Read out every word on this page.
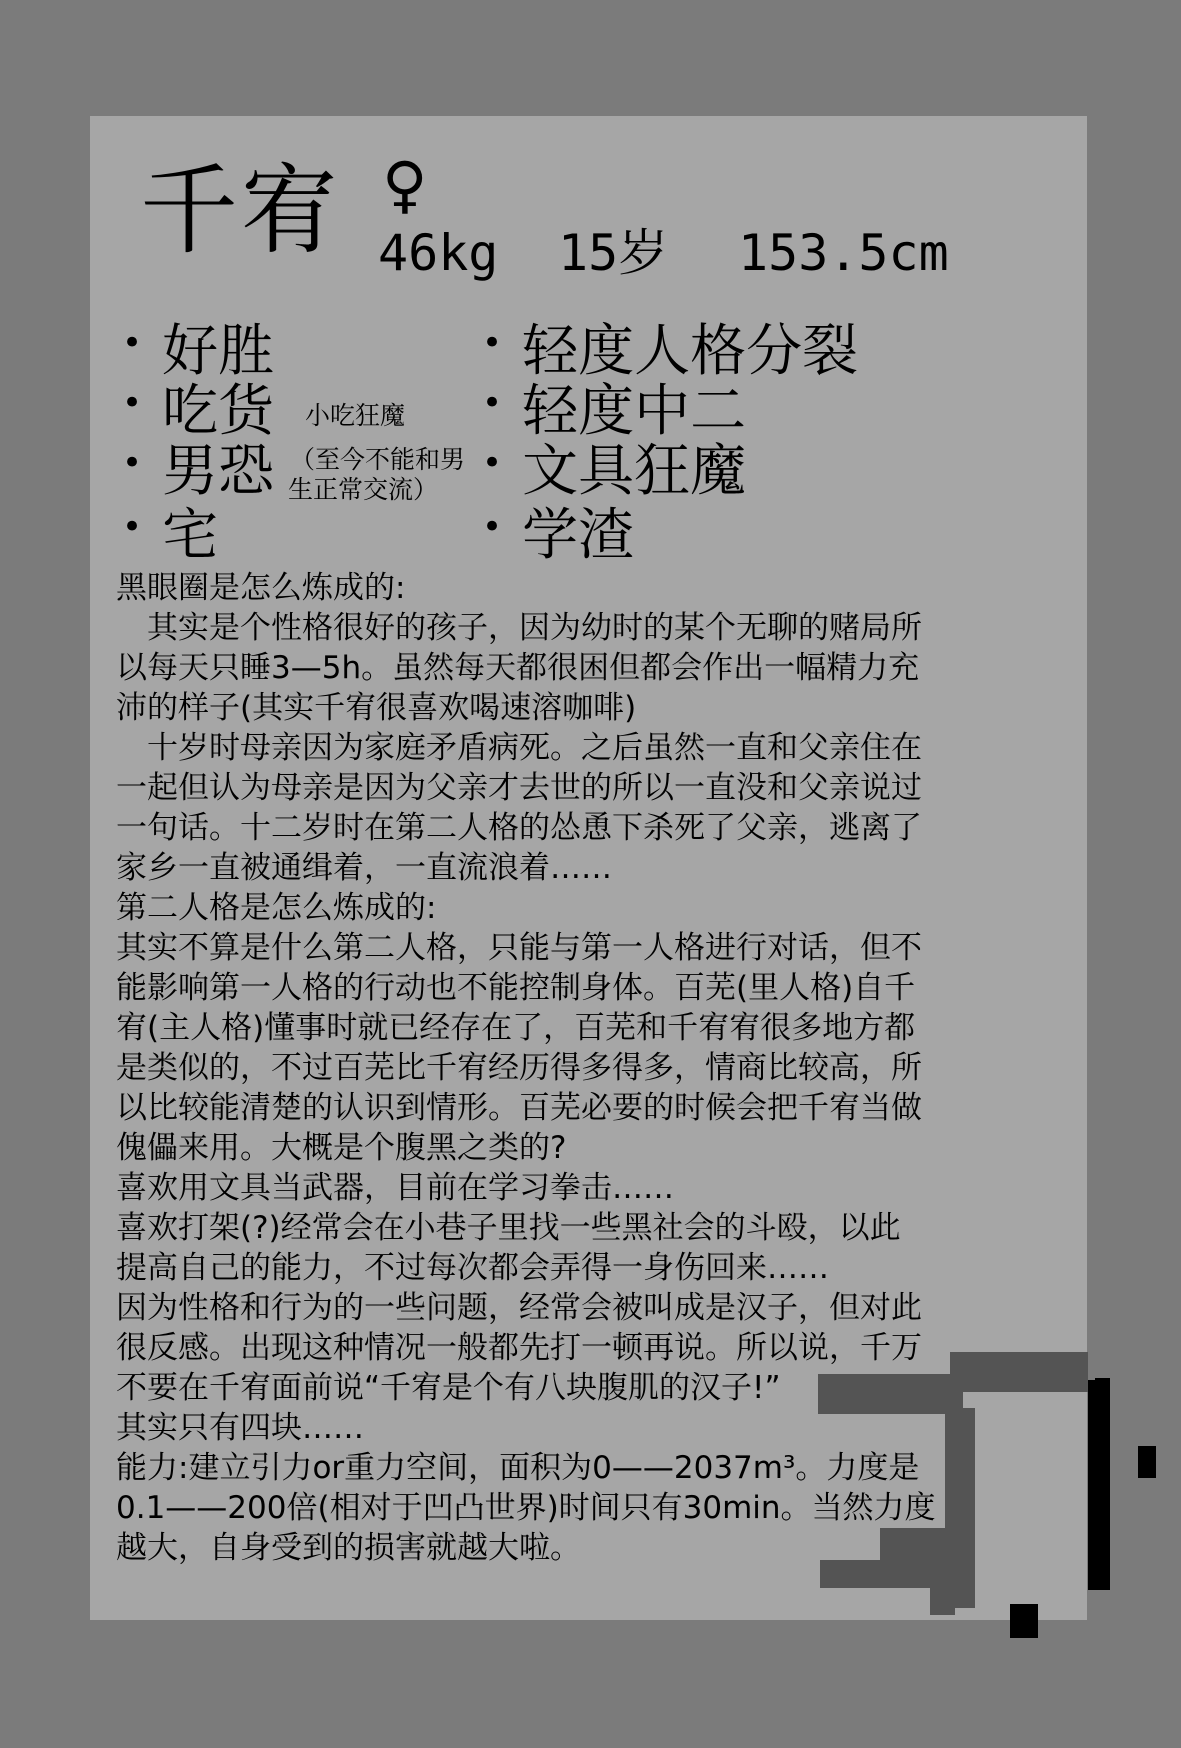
千宥 ♀
46kg 15岁 153.5cm
• 好胜
• 吃货
• 男恐
• 宅
小吃狂魔
（至今不能和男
生正常交流）
• 轻度人格分裂
• 轻度中二
• 文具狂魔
• 学渣

黑眼圈是怎么炼成的:

　其实是个性格很好的孩子，因为幼时的某个无聊的赌局所

以每天只睡3—5h。虽然每天都很困但都会作出一幅精力充

沛的样子(其实千宥很喜欢喝速溶咖啡)

　十岁时母亲因为家庭矛盾病死。之后虽然一直和父亲住在

一起但认为母亲是因为父亲才去世的所以一直没和父亲说过

一句话。十二岁时在第二人格的怂恿下杀死了父亲，逃离了

家乡一直被通缉着，一直流浪着……

第二人格是怎么炼成的:

其实不算是什么第二人格，只能与第一人格进行对话，但不

能影响第一人格的行动也不能控制身体。百芜(里人格)自千

宥(主人格)懂事时就已经存在了，百芜和千宥宥很多地方都

是类似的，不过百芜比千宥经历得多得多，情商比较高，所

以比较能清楚的认识到情形。百芜必要的时候会把千宥当做

傀儡来用。大概是个腹黑之类的?

喜欢用文具当武器，目前在学习拳击……

喜欢打架(?)经常会在小巷子里找一些黑社会的斗殴，以此

提高自己的能力，不过每次都会弄得一身伤回来……

因为性格和行为的一些问题，经常会被叫成是汉子，但对此

很反感。出现这种情况一般都先打一顿再说。所以说，千万

不要在千宥面前说“千宥是个有八块腹肌的汉子!”

其实只有四块……

能力:建立引力or重力空间，面积为0——2037m³。力度是

0.1——200倍(相对于凹凸世界)时间只有30min。当然力度

越大，自身受到的损害就越大啦。
